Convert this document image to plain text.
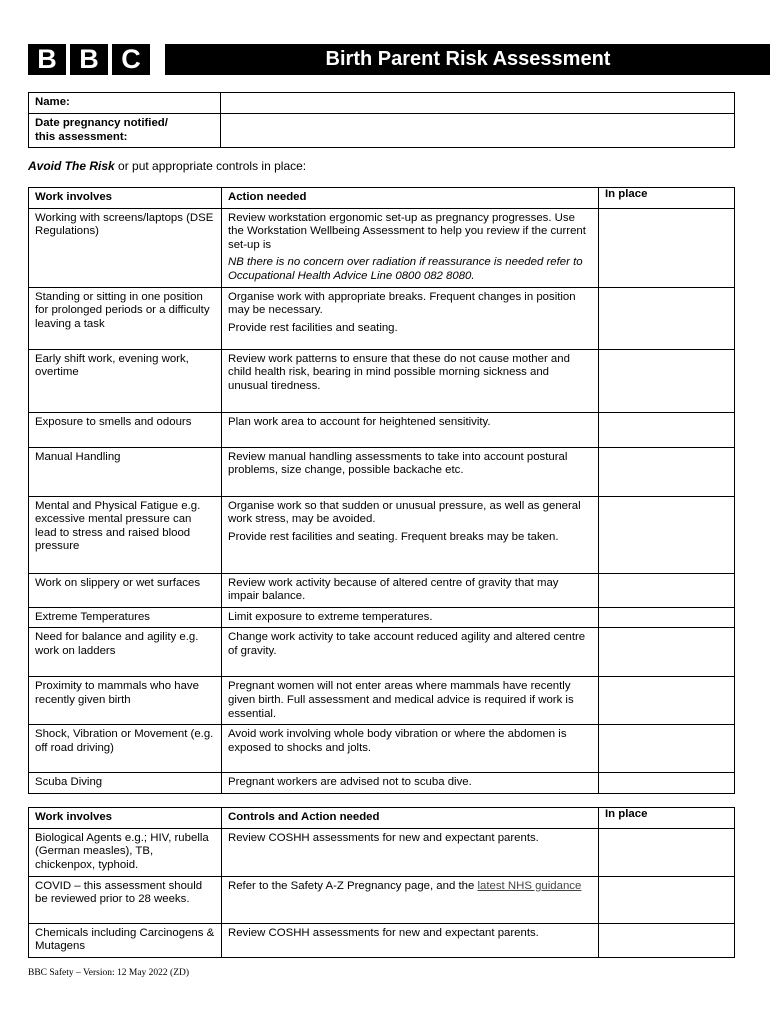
B B C	Birth Parent Risk Assessment
Name:	
Date pregnancy notified/
this assessment:	
Avoid The Risk or put appropriate controls in place:
Work involves	Action needed	In place
Working with screens/laptops (DSE Regulations)	Review workstation ergonomic set-up as pregnancy progresses. Use the Workstation Wellbeing Assessment to help you review if the current set-up is
NB there is no concern over radiation if reassurance is needed refer to Occupational Health Advice Line 0800 082 8080.	

Standing or sitting in one position for prolonged periods or a difficulty leaving a task	Organise work with appropriate breaks. Frequent changes in position may be necessary.
Provide rest facilities and seating.	

Early shift work, evening work, overtime	Review work patterns to ensure that these do not cause mother and child health risk, bearing in mind possible morning sickness and unusual tiredness.	
Exposure to smells and odours	Plan work area to account for heightened sensitivity.	
Manual Handling	Review manual handling assessments to take into account postural problems, size change, possible backache etc.	
Mental and Physical Fatigue e.g. excessive mental pressure can lead to stress and raised blood pressure	Organise work so that sudden or unusual pressure, as well as general work stress, may be avoided.
Provide rest facilities and seating. Frequent breaks may be taken.	

Work on slippery or wet surfaces	Review work activity because of altered centre of gravity that may impair balance.	
Extreme Temperatures	Limit exposure to extreme temperatures.	
Need for balance and agility e.g. work on ladders	Change work activity to take account reduced agility and altered centre of gravity.	
Proximity to mammals who have recently given birth	Pregnant women will not enter areas where mammals have recently given birth. Full assessment and medical advice is required if work is essential.	
Shock, Vibration or Movement (e.g. off road driving)	Avoid work involving whole body vibration or where the abdomen is exposed to shocks and jolts.	
Scuba Diving	Pregnant workers are advised not to scuba dive.	
Work involves	Controls and Action needed	In place
Biological Agents e.g.; HIV, rubella (German measles), TB, chickenpox, typhoid.	Review COSHH assessments for new and expectant parents.	
COVID – this assessment should be reviewed prior to 28 weeks.	Refer to the Safety A-Z Pregnancy page, and the latest NHS guidance	
Chemicals including Carcinogens & Mutagens	Review COSHH assessments for new and expectant parents.	
BBC Safety – Version: 12 May 2022 (ZD)
